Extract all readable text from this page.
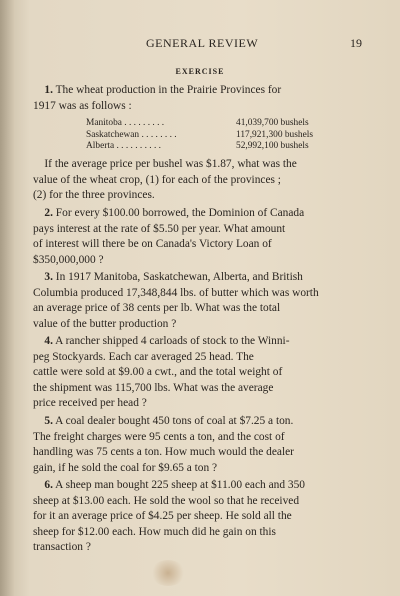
GENERAL REVIEW	19
EXERCISE
1. The wheat production in the Prairie Provinces for
1917 was as follows :
Manitoba . . . . . . . . .	41,039,700 bushels
Saskatchewan . . . . . . . .	117,921,300 bushels
Alberta . . . . . . . . . .	52,992,100 bushels
If the average price per bushel was $1.87, what was the
value of the wheat crop, (1) for each of the provinces ;
(2) for the three provinces.
2. For every $100.00 borrowed, the Dominion of Canada
pays interest at the rate of $5.50 per year. What amount
of interest will there be on Canada's Victory Loan of
$350,000,000 ?
3. In 1917 Manitoba, Saskatchewan, Alberta, and British
Columbia produced 17,348,844 lbs. of butter which was worth
an average price of 38 cents per lb. What was the total
value of the butter production ?
4. A rancher shipped 4 carloads of stock to the Winni-
peg Stockyards. Each car averaged 25 head. The
cattle were sold at $9.00 a cwt., and the total weight of
the shipment was 115,700 lbs. What was the average
price received per head ?
5. A coal dealer bought 450 tons of coal at $7.25 a ton.
The freight charges were 95 cents a ton, and the cost of
handling was 75 cents a ton. How much would the dealer
gain, if he sold the coal for $9.65 a ton ?
6. A sheep man bought 225 sheep at $11.00 each and 350
sheep at $13.00 each. He sold the wool so that he received
for it an average price of $4.25 per sheep. He sold all the
sheep for $12.00 each. How much did he gain on this
transaction ?
